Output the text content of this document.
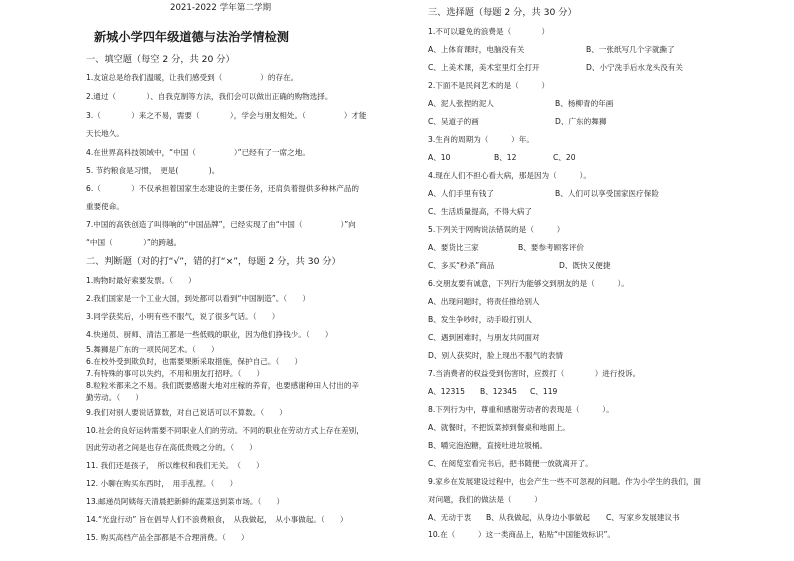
2021-2022 学年第二学期
新城小学四年级道德与法治学情检测
一、填空题（每空 2 分，共 20 分）
1.友谊总是给我们温暖，让我们感受到（　　　　　）的存在。
2.通过（　　　　）、自我克制等方法，我们会可以做出正确的购物选择。
3.（　　　　）来之不易，需要（　　　　），学会与朋友相处。（　　　　　）才能
天长地久。
4.在世界高科技领域中，“中国（　　　　　）”已经有了一席之地。
5. 节约粮食是习惯，　更是(　　　　)。
6.（　　　　）不仅承担着国家生态建设的主要任务，还肩负着提供多种林产品的
重要使命。
7.中国的高铁创造了叫得响的“中国品牌”，已经实现了由“中国（　　　　　）”向
“中国（　　　　）”的跨越。
二、判断题（对的打“√”，错的打“×”，每题 2 分，共 30 分）
1.购物时最好索要发票。（　　）
2.我们国家是一个工业大国，到处都可以看到“中国制造”。（　　）
3.同学获奖后，小明有些不服气，说了很多气话。（　　）
4.快递员、厨师、清洁工都是一些低贱的职业，因为他们挣钱少。（　　）
5.舞狮是广东的一项民间艺术。（　　）
6.在校外受到欺负时，也需要果断采取措施，保护自己。（　　）
7.有特殊的事可以失约，不用和朋友打招呼。（　　）
8.粒粒米都来之不易。我们既要感谢大地对庄稼的养育，也要感谢种田人付出的辛
勤劳动。（　　）
9.我们对别人要说话算数，对自己说话可以不算数。（　　）
10.社会的良好运转需要不同职业人们的劳动。不同的职业在劳动方式上存在差别，
因此劳动者之间是也存在高低贵贱之分的。（　　）
11. 我们还是孩子，　所以维权和我们无关。　（　　）
12. 小聊在购买东西时，　用手乱捏。（　　）
13.邮递员阿姨每天清晨把新鲜的蔬菜送到菜市场。（　　）
14.“光盘行动” 旨在倡导人们不浪费粮食，　从我做起，　从小事做起。（　　）
15. 购买高档产品全部都是不合理消费。（　　）
三、选择题（每题 2 分，共 30 分）
1.不可以避免的浪费是（　　　　）
A、上体育课时，电脑没有关	B、一张纸写几个字就撕了
C、上美术课，美术室里灯全打开	D、小宁洗手后水龙头没有关
2.下面不是民间艺术的是（　　　）
A、泥人张捏的泥人	B、杨柳青的年画
C、吴道子的画	D、广东的舞狮
3.生肖的周期为（　　　）年。
A、10	B、12	C、20
4.现在人们不担心看大病，那是因为（　　　）。
A、人们手里有钱了	B、人们可以享受国家医疗保险
C、生活质量提高，不得大病了
5.下列关于网购说法错误的是（　　　）
A、要货比三家	B、要参考顾客评价
C、多买“秒杀”商品	D、既快又便捷
6.交朋友要有诚意，下列行为能够交到朋友的是（　　　）。
A、出现问题时，将责任推给别人
B、发生争吵时，动手殴打别人
C、遇到困难时，与朋友共同面对
D、别人获奖时，脸上现出不服气的表情
7.当消费者的权益受到伤害时，应拨打（　　　　）进行投诉。
A、12315 B、12345 C、119
8.下列行为中，尊重和感谢劳动者的表现是（　　　）。
A、就餐时，不把饭菜掉到餐桌和地面上。
B、嚼完泡泡糖，直接吐进垃圾桶。
C、在阅览室看完书后，把书随便一放就离开了。
9.家乡在发展建设过程中，也会产生一些不可忽视的问题。作为小学生的我们，面
对问题，我们的做法是（　　　）
A、无动于衷 B、从我做起，从身边小事做起 C、写家乡发展建议书
10.在（　　　）这一类商品上，粘贴“中国能效标识”。
